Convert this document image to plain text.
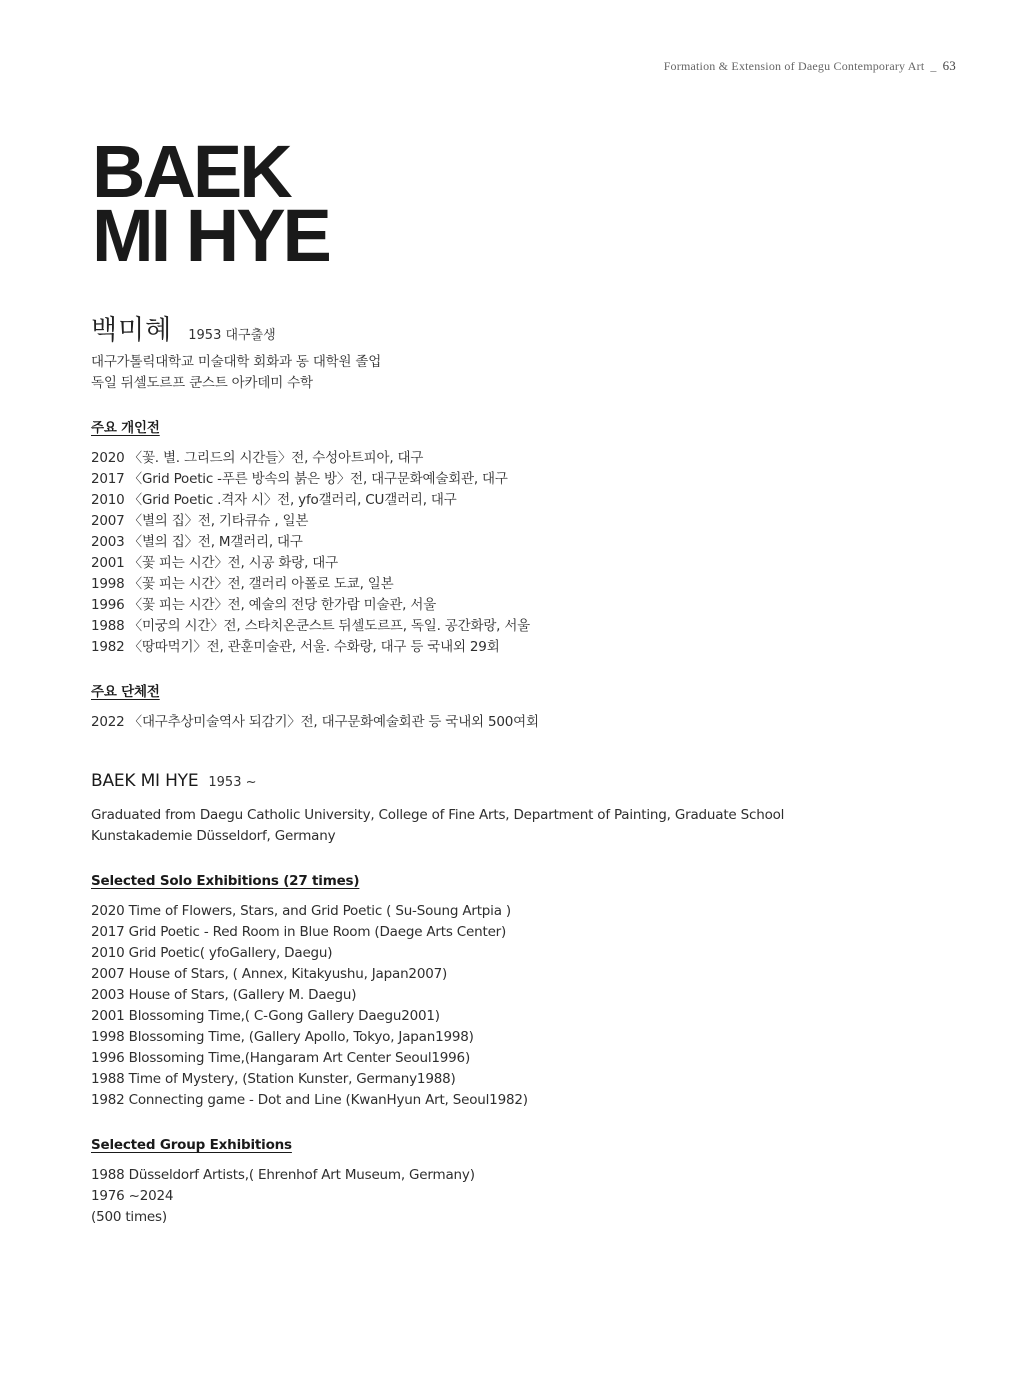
Formation & Extension of Daegu Contemporary Art _ 63
BAEK
MI HYE
백미혜 1953 대구출생
대구가톨릭대학교 미술대학 회화과 동 대학원 졸업
독일 뒤셀도르프 쿤스트 아카데미 수학
주요 개인전
2020 〈꽃. 별. 그리드의 시간들〉전, 수성아트피아, 대구
2017 〈Grid Poetic -푸른 방속의 붉은 방〉전, 대구문화예술회관, 대구
2010 〈Grid Poetic .격자 시〉전, yfo갤러리, CU갤러리, 대구
2007 〈별의 집〉전, 기타큐슈 , 일본
2003 〈별의 집〉전, M갤러리, 대구
2001 〈꽃 피는 시간〉전, 시공 화랑, 대구
1998 〈꽃 피는 시간〉전, 갤러리 아폴로 도쿄, 일본
1996 〈꽃 피는 시간〉전, 예술의 전당 한가람 미술관, 서울
1988 〈미궁의 시간〉전, 스타치온쿤스트 뒤셀도르프, 독일. 공간화랑, 서울
1982 〈땅따먹기〉전, 관훈미술관, 서울. 수화랑, 대구 등 국내외 29회
주요 단체전
2022 〈대구추상미술역사 되감기〉전, 대구문화예술회관 등 국내외 500여회
BAEK MI HYE 1953 ~
Graduated from Daegu Catholic University, College of Fine Arts, Department of Painting, Graduate School
Kunstakademie Düsseldorf, Germany
Selected Solo Exhibitions (27 times)
2020 Time of Flowers, Stars, and Grid Poetic ( Su-Soung Artpia )
2017 Grid Poetic - Red Room in Blue Room (Daege Arts Center)
2010 Grid Poetic( yfoGallery, Daegu)
2007 House of Stars, ( Annex, Kitakyushu, Japan2007)
2003 House of Stars, (Gallery M. Daegu)
2001 Blossoming Time,( C-Gong Gallery Daegu2001)
1998 Blossoming Time, (Gallery Apollo, Tokyo, Japan1998)
1996 Blossoming Time,(Hangaram Art Center Seoul1996)
1988 Time of Mystery, (Station Kunster, Germany1988)
1982 Connecting game - Dot and Line (KwanHyun Art, Seoul1982)
Selected Group Exhibitions
1988 Düsseldorf Artists,( Ehrenhof Art Museum, Germany)
1976 ~2024
(500 times)
